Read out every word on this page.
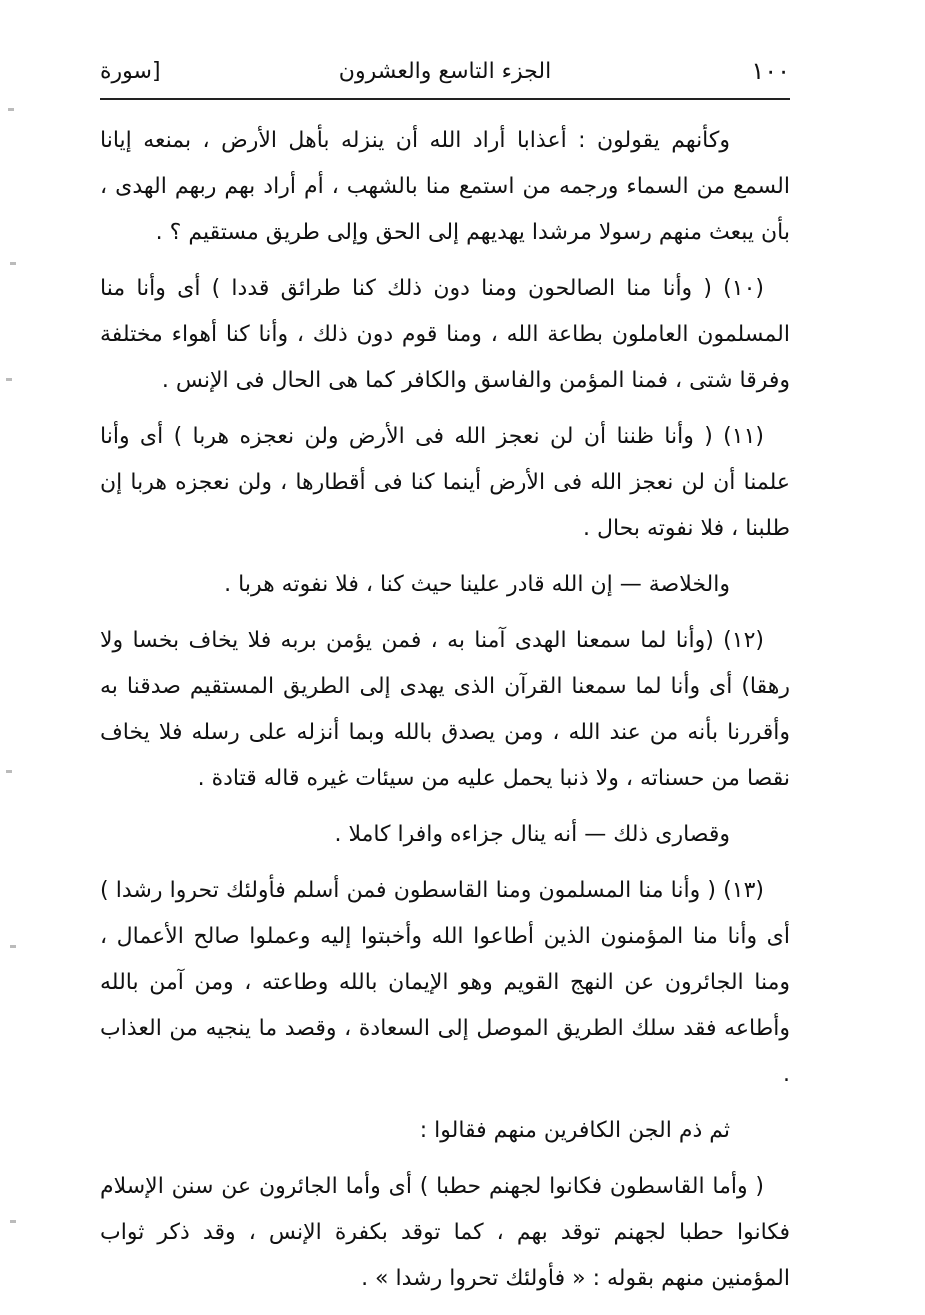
١٠٠
الجزء التاسع والعشرون
[سورة

وكأنهم يقولون : أعذابا أراد الله أن ينزله بأهل الأرض ، بمنعه إيانا السمع من السماء ورجمه من استمع منا بالشهب ، أم أراد بهم ربهم الهدى ، بأن يبعث منهم رسولا مرشدا يهديهم إلى الحق وإلى طريق مستقيم ؟ .

(١٠) ( وأنا منا الصالحون ومنا دون ذلك كنا طرائق قددا ) أى وأنا منا المسلمون العاملون بطاعة الله ، ومنا قوم دون ذلك ، وأنا كنا أهواء مختلفة وفرقا شتى ، فمنا المؤمن والفاسق والكافر كما هى الحال فى الإنس .

(١١) ( وأنا ظننا أن لن نعجز الله فى الأرض ولن نعجزه هربا ) أى وأنا علمنا أن لن نعجز الله فى الأرض أينما كنا فى أقطارها ، ولن نعجزه هربا إن طلبنا ، فلا نفوته بحال .

والخلاصة — إن الله قادر علينا حيث كنا ، فلا نفوته هربا .

(١٢) (وأنا لما سمعنا الهدى آمنا به ، فمن يؤمن بربه فلا يخاف بخسا ولا رهقا) أى وأنا لما سمعنا القرآن الذى يهدى إلى الطريق المستقيم صدقنا به وأقررنا بأنه من عند الله ، ومن يصدق بالله وبما أنزله على رسله فلا يخاف نقصا من حسناته ، ولا ذنبا يحمل عليه من سيئات غيره قاله قتادة .

وقصارى ذلك — أنه ينال جزاءه وافرا كاملا .

(١٣) ( وأنا منا المسلمون ومنا القاسطون فمن أسلم فأولئك تحروا رشدا ) أى وأنا منا المؤمنون الذين أطاعوا الله وأخبتوا إليه وعملوا صالح الأعمال ، ومنا الجائرون عن النهج القويم وهو الإيمان بالله وطاعته ، ومن آمن بالله وأطاعه فقد سلك الطريق الموصل إلى السعادة ، وقصد ما ينجيه من العذاب .

ثم ذم الجن الكافرين منهم فقالوا :

( وأما القاسطون فكانوا لجهنم حطبا ) أى وأما الجائرون عن سنن الإسلام فكانوا حطبا لجهنم توقد بهم ، كما توقد بكفرة الإنس ، وقد ذكر ثواب المؤمنين منهم بقوله : « فأولئك تحروا رشدا » .
